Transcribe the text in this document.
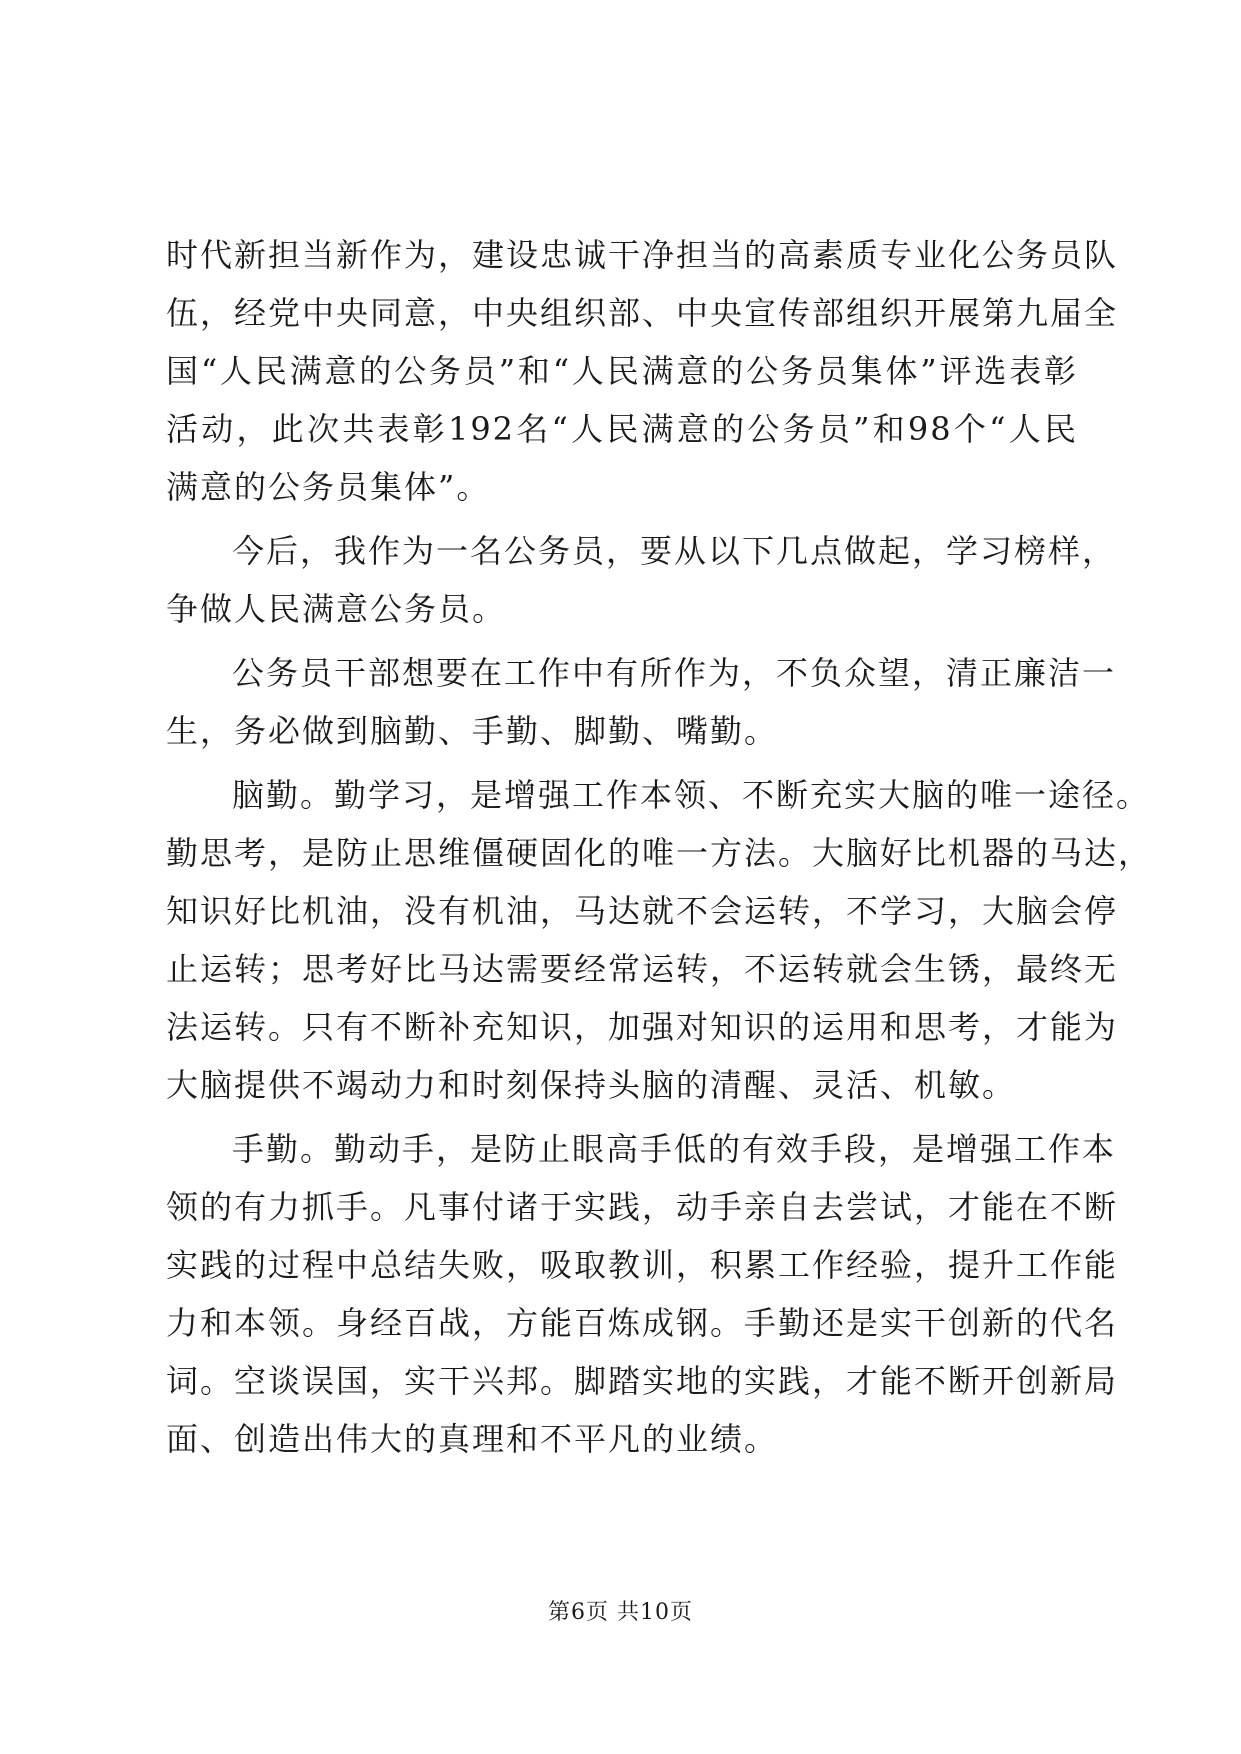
时代新担当新作为，建设忠诚干净担当的高素质专业化公务员队
伍，经党中央同意，中央组织部、中央宣传部组织开展第九届全
国“人民满意的公务员”和“人民满意的公务员集体”评选表彰
活动，此次共表彰192名“人民满意的公务员”和98个“人民
满意的公务员集体”。
今后，我作为一名公务员，要从以下几点做起，学习榜样，
争做人民满意公务员。
公务员干部想要在工作中有所作为，不负众望，清正廉洁一
生，务必做到脑勤、手勤、脚勤、嘴勤。
脑勤。勤学习，是增强工作本领、不断充实大脑的唯一途径。
勤思考，是防止思维僵硬固化的唯一方法。大脑好比机器的马达，
知识好比机油，没有机油，马达就不会运转，不学习，大脑会停
止运转；思考好比马达需要经常运转，不运转就会生锈，最终无
法运转。只有不断补充知识，加强对知识的运用和思考，才能为
大脑提供不竭动力和时刻保持头脑的清醒、灵活、机敏。
手勤。勤动手，是防止眼高手低的有效手段，是增强工作本
领的有力抓手。凡事付诸于实践，动手亲自去尝试，才能在不断
实践的过程中总结失败，吸取教训，积累工作经验，提升工作能
力和本领。身经百战，方能百炼成钢。手勤还是实干创新的代名
词。空谈误国，实干兴邦。脚踏实地的实践，才能不断开创新局
面、创造出伟大的真理和不平凡的业绩。
第6页 共10页
